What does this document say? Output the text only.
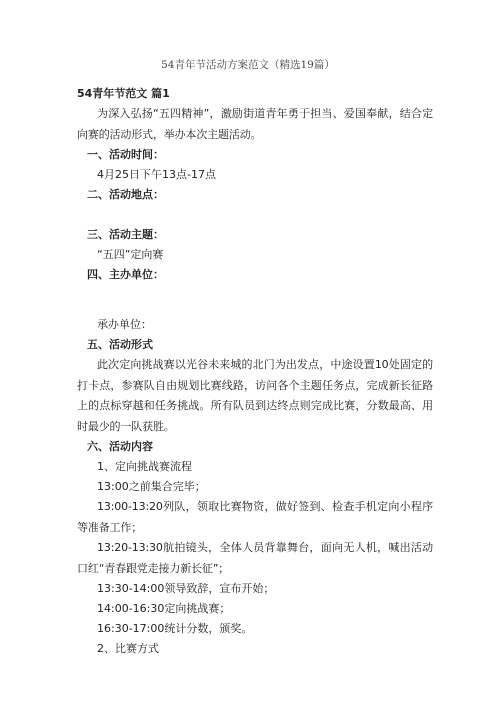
54青年节活动方案范文（精选19篇）
54青年节范文 篇1
为深入弘扬“五四精神”，激励街道青年勇于担当、爱国奉献，结合定向赛的活动形式，举办本次主题活动。
一、活动时间：
4月25日下午13点-17点
二、活动地点：
三、活动主题：
“五四”定向赛
四、主办单位：
承办单位：
五、活动形式
此次定向挑战赛以光谷未来城的北门为出发点，中途设置10处固定的打卡点，参赛队自由规划比赛线路，访问各个主题任务点，完成新长征路上的点标穿越和任务挑战。所有队员到达终点则完成比赛，分数最高、用时最少的一队获胜。
六、活动内容
1、定向挑战赛流程
13:00之前集合完毕；
13:00-13:20列队，领取比赛物资，做好签到、检查手机定向小程序等准备工作；
13:20-13:30航拍镜头，全体人员背靠舞台，面向无人机，喊出活动口红“青春跟党走接力新长征”；
13:30-14:00领导致辞，宣布开始；
14:00-16:30定向挑战赛；
16:30-17:00统计分数，颁奖。
2、比赛方式
